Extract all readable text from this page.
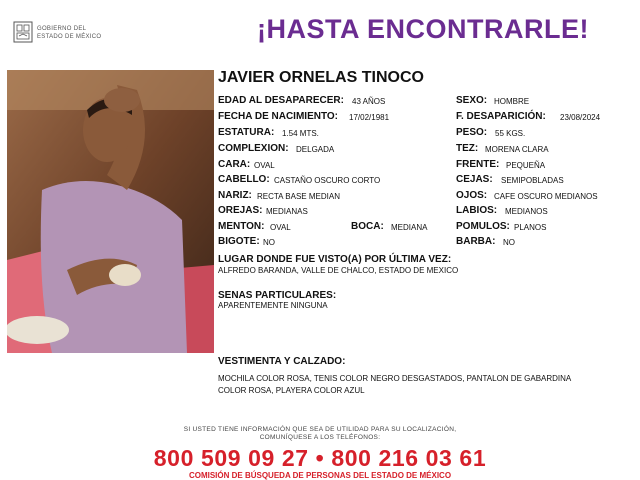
GOBIERNO DEL
ESTADO DE MÉXICO	¡HASTA ENCONTRARLE!
JAVIER ORNELAS TINOCO
EDAD AL DESAPARECER: 43 AÑOS
FECHA DE NACIMIENTO: 17/02/1981
ESTATURA: 1.54 MTS.
COMPLEXION: DELGADA
CARA: OVAL
CABELLO: CASTAÑO OSCURO CORTO
NARIZ: RECTA BASE MEDIAN
OREJAS: MEDIANAS
MENTON: OVAL
BIGOTE: NO
BOCA: MEDIANA
SEXO: HOMBRE
F. DESAPARICIÓN: 23/08/2024
PESO: 55 KGS.
TEZ: MORENA CLARA
FRENTE: PEQUEÑA
CEJAS: SEMIPOBLADAS
OJOS: CAFE OSCURO MEDIANOS
LABIOS: MEDIANOS
POMULOS: PLANOS
BARBA: NO
LUGAR DONDE FUE VISTO(A) POR ÚLTIMA VEZ:
ALFREDO BARANDA, VALLE DE CHALCO, ESTADO DE MEXICO
SENAS PARTICULARES:
APARENTEMENTE NINGUNA
VESTIMENTA Y CALZADO:
MOCHILA COLOR ROSA, TENIS COLOR NEGRO DESGASTADOS, PANTALON DE GABARDINA COLOR ROSA, PLAYERA COLOR AZUL
SI USTED TIENE INFORMACIÓN QUE SEA DE UTILIDAD PARA SU LOCALIZACIÓN,
COMUNÍQUESE A LOS TELÉFONOS:
800 509 09 27 • 800 216 03 61
COMISIÓN DE BÚSQUEDA DE PERSONAS DEL ESTADO DE MÉXICO
